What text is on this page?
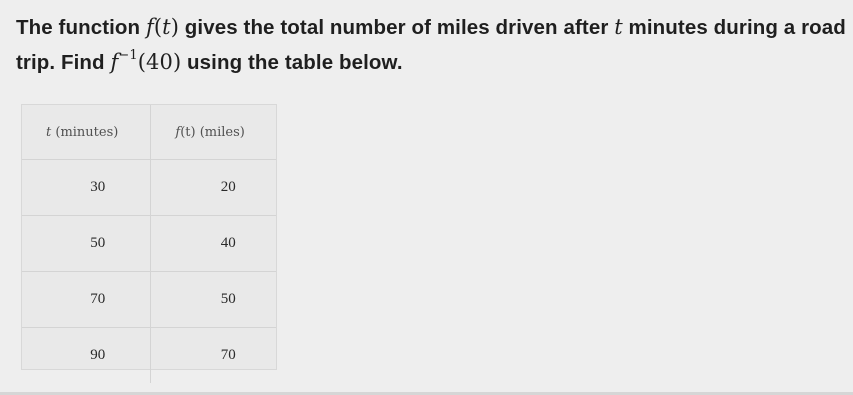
The function f(t) gives the total number of miles driven after t minutes during a road trip. Find $f^{-1}(40)$ using the table below.

t (minutes)	f(t) (miles)
30	20
50	40
70	50
90	70
